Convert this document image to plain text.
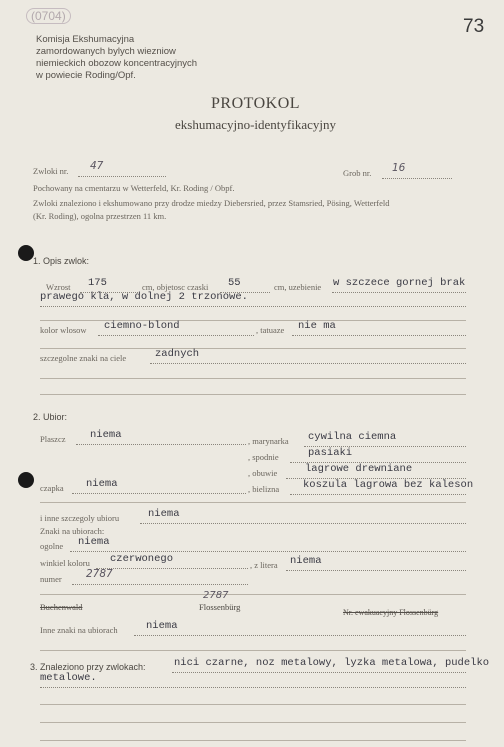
(0704)	73
Komisja Ekshumacyjna
zamordowanych bylych wiezniow
niemieckich obozow koncentracyjnych
w powiecie Roding/Opf.
PROTOKOL
ekshumacyjno-identyfikacyjny
Zwloki nr. 47
Grob nr. 16
Pochowany na cmentarzu w Wetterfeld, Kr. Roding / Obpf.
Zwloki znaleziono i ekshumowano przy drodze miedzy Diebersried, przez Stamsried, Pösing, Wetterfeld
(Kr. Roding), ogolna przestrzen 11 km.
1. Opis zwlok:
Wzrost 175	cm, objetosc czaski 55	cm, uzebienie w szczece gornej brak
prawego kla, w dolnej 2 trzonowe.
kolor wlosow ciemno-blond	, tatuaze nie ma
szczegolne znaki na ciele	zadnych
2. Ubior:
Plaszcz niema	, marynarka cywilna ciemna
, spodnie	pasiaki
, obuwie	lagrowe drewniane
czapka niema	, bielizna koszula lagrowa bez kaleson
i inne szczegoly ubioru	niema
Znaki na ubiorach:
ogolne niema
winkiel koloru czerwonego	, z litera niema
numer 2787
Buchenwald
2787
Flossenbürg
Nr. ewakuacyjny Flossenbürg
Inne znaki na ubiorach	niema
3. Znaleziono przy zwlokach:	nici czarne, noz metalowy, lyzka metalowa, pudelko
metalowe.
